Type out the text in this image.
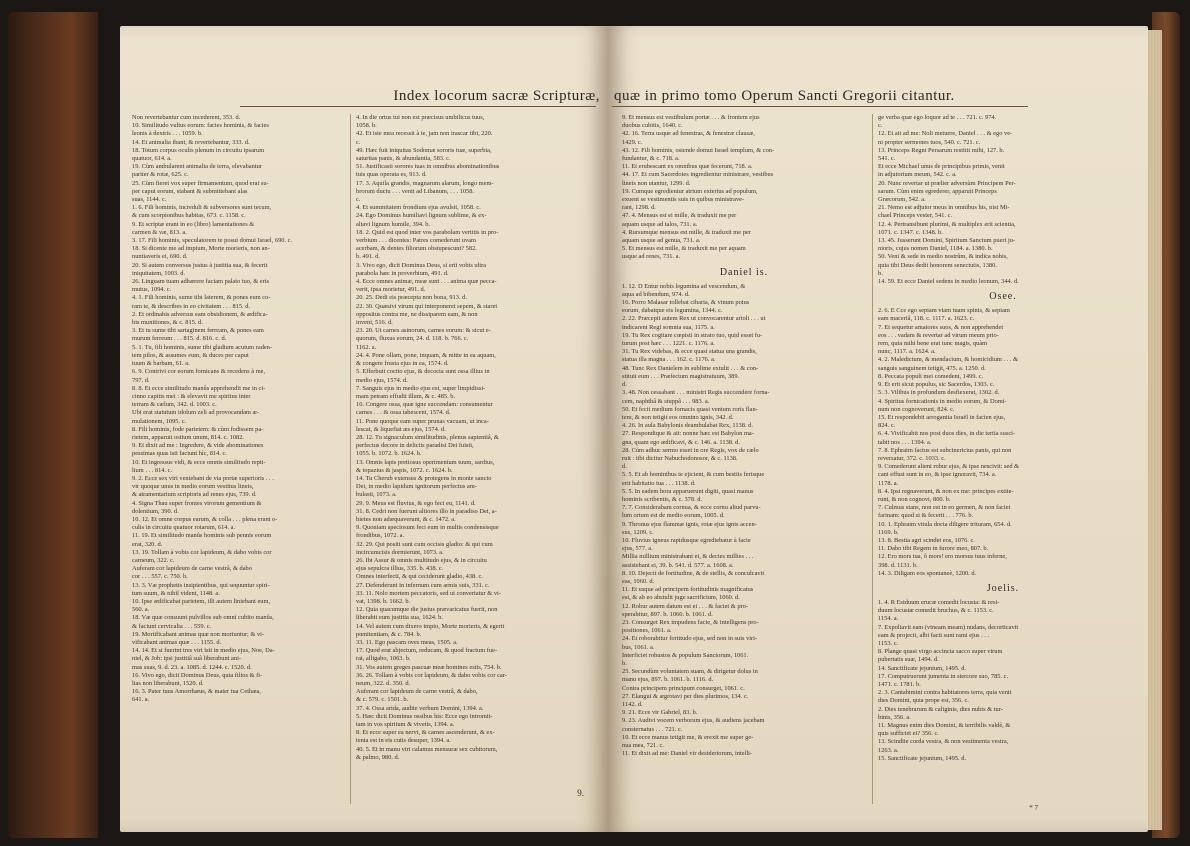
Index locorum sacræ Scripturæ,
Non revertebantur cum incederent, 353. d.
10. Similitudo vultus eorum: facies hominis, & facies
leonis à dextris . . . 1059. b.
14. Et animalia ibant, & revertebantur, 333. d.
18. Totum corpus oculis plenum in circuitu ipsarum
quatuor, 614. a.
19. Cùm ambularent animalia de terra, elevabantur
pariter & rotæ, 625. c.
25. Cùm fieret vox super firmamentum, quod erat su-
per caput eorum, stabant & submittebant alas
suas, 1144. c.
1. 6. Fili hominis, increduli & subversores sunt tecum,
& cum scorpionibus habitas, 673. c. 1158. c.
9. Et scriptæ erant in eo (libro) lamentationes &
carmen & væ, 813. a.
3. 17. Fili hominis, speculatorem te posui domui Israel, 690. c.
18. Si dicente me ad impium, Morte morieris, non an-
nuntiaveris ei, 690. d.
20. Si autem conversus justus à justitia sua, & fecerit
iniquitatem, 1003. d.
26. Linguam tuam adhærere faciam palato tuo, & eris
mutus, 1094. c.
4. 1. Fili hominis, sume tibi laterem, & pones eum co-
ram te, & describes in eo civitatem . . . 815. d.
2. Et ordinabis adversus eam obsidionem, & ædifica-
bis munitiones, & c. 815. d.
3. Et tu sume tibi sartaginem ferream, & pones eam
murum ferreum . . . 815. d. 816. c. d.
5. 1. Tu, fili hominis, sume tibi gladium acutum raden-
tem pilos, & assumes eum, & duces per caput
tuum & barbam, 61. a.
6. 9. Contrivi cor eorum fornicans & recedens à me,
797. d.
8. 8. Et ecce similitudo manûs apprehendit me in ci-
cinno capitis mei : & elevavit me spiritus inter
terram & cælum, 342. d. 1003. c.
Ubi erat statutum idolum zeli ad provocandam æ-
mulationem, 1095. c.
8. Fili hominis, fode parietem: & cùm fodissem pa-
rietem, apparuit ostium unum, 814. c. 1082.
9. Et dixit ad me : Ingredere, & vide abominationes
pessimas quas isti faciunt hìc, 814. c.
10. Et ingressus vidi, & ecce omnis similitudo repti-
lium . . . 814. c.
9. 2. Ecce sex viri veniebant de via portæ superioris . . .
vir quoque unus in medio eorum vestitus lineis,
& atramentarium scriptoris ad renes ejus, 739. d.
4. Signa Thau super frontes virorum gementium &
dolentium, 390. d.
10. 12. Et omne corpus earum, & colla . . . plena erant o-
culis in circuitu quatuor rotarum, 614. a.
11. 19. Et similitudo manûs hominis sub pennis eorum
erat, 320. d.
13. 19. Tollam à vobis cor lapideum, & dabo vobis cor
carneum, 322. c.
Auferam cor lapideum de carne vestrâ, & dabo
cor . . . 557. c. 750. b.
13. 3. Væ prophetis insipientibus, qui sequuntur spiri-
tum suum, & nihil vident, 1148. a.
10. Ipse ædificabat parietem, illi autem liniebant eum,
560. a.
18. Væ quæ consuunt pulvillos sub omni cubito manûs,
& faciunt cervicalia . . . 559. c.
19. Mortificabant animas quæ non moriuntur; & vi-
vificabant animas quæ . . . 1155. d.
14. 14. Et si fuerint tres viri isti in medio ejus, Noe, Da-
niel, & Job: ipsi justitiâ suâ liberabunt ani-
mas suas, 9. d. 23. a. 1085. d. 1244. c. 1520. d.
16. Vivo ego, dicit Dominus Deus, quia filios & fi-
lias non liberabunt, 1520. d.
16. 3. Pater tuus Amorrhæus, & mater tua Cethæa,
641. a.
4. In die ortus tui non est præcisus umbilicus tuus,
1058. b.
42. Et iste mea recessit à te, jam non irascar tibi, 220.
c.
49. Hæc fuit iniquitas Sodomæ sororis tuæ, superbia,
saturitas panis, & abundantia, 583. c.
51. Justificasti sorores tuas in omnibus abominationibus
tuis quas operata es, 913. d.
17. 3. Aquila grandis, magnarum alarum, longo mem-
brorum ductu . . . venit ad Libanum, . . . 1058.
c.
4. Et summitatem frondium ejus avulsit, 1058. c.
24. Ego Dominus humiliavi lignum sublime, & ex-
altavi lignum humile, 394. b.
18. 2. Quid est quod inter vos parabolam vertitis in pro-
verbium . . . dicentes: Patres comederunt uvam
acerbam, & dentes filiorum obstupescunt? 582.
b. 491. d.
3. Vivo ego, dicit Dominus Deus, si erit vobis ultra
parabola hæc in proverbium, 491. d.
4. Ecce omnes animæ, meæ sunt . . . anima quæ pecca-
verit, ipsa morietur, 491. d.
20. 25. Dedi eis præcepta non bona, 913. d.
22. 30. Quæsivi virum qui interponeret sepem, & staret
oppositus contra me, ne dissiparem eam, & non
inveni, 516. d.
23. 20. Ut carnes asinorum, carnes eorum: & sicut e-
quorum, fluxus eorum, 24. d. 118. b. 766. c.
1162. a.
24. 4. Pone ollam, pone, inquam, & mitte in ea aquam,
& congere frusta ejus in ea, 1574. d.
5. Efferbuit coctio ejus, & decocta sunt ossa illius in
medio ejus, 1574. d.
7. Sanguis ejus in medio ejus est, super limpidissi-
mam petram effudit illum, & c. 485. b.
10. Congere ossa, quæ igne succendam: consumentur
carnes . . . & ossa tabescent, 1574. d.
11. Pone quoque eam super prunas vacuam, ut inca-
lescat, & liquefiat æs ejus, 1574. d.
28. 12. Tu signaculum similitudinis, plenus sapientiâ, &
perfectus decore in deliciis paradisi Dei fuisti,
1055. b. 1072. b. 1624. b.
13. Omnis lapis pretiosus operimentum tuum, sardius,
& topazius & jaspis, 1072. c. 1624. b.
14. Tu Cherub extensus & protegens in monte sancto
Dei, in medio lapidum ignitorum perfectus am-
bulasti, 1073. a.
29. 9. Meus est fluvius, & ego feci eu, 1141. d.
31. 8. Cedri non fuerunt altiores illo in paradiso Dei, a-
bietes non adæquaverunt, & c. 1472. a.
9. Quoniam speciosum feci eum in multis condensisque
frondibus, 1072. a.
32. 29. Qui positi sunt cum occisis gladio: & qui cum
incircumcisis dormierunt, 1073. a.
26. Ibi Assur & omnis multitudo ejus, & in circuitu
ejus sepulcra illius, 335. b. 438. c.
Omnes interfecti, & qui ceciderunt gladio, 438. c.
27. Defenderunt in infernum cum armis suis, 331. c.
33. 11. Nolo mortem peccatoris, sed ut convertatur & vi-
vat, 1398. b. 1662. b.
12. Quia quacumque die justus prævaricatus fuerit, non
liberabit eum justitia sua, 1624. b.
14. Vel autem cum dixero impio, Morte morieris, & egerit
pœnitentiam, & c. 784. b.
33. 11. Ego pascam oves meas, 1505. a.
17. Quod erat abjectum, reducam, & quod fractum fue-
rat, alligabo, 1063. b.
31. Vos autem greges pascuæ meæ homines estis, 754. b.
36. 26. Tollam à vobis cor lapideum, & dabo vobis cor car-
neum, 322. d. 350. d.
Auferam cor lapideum de carne vestrâ, & dabo,
& c. 579. c. 1501. b.
37. 4. Ossa arida, audite verbum Domini, 1394. a.
5. Hæc dicit Dominus ossibus his: Ecce ego intromit-
tam in vos spiritum & vivetis, 1394. a.
8. Et ecce super ea nervi, & carnes ascenderunt, & ex-
tenta est in eis cutis desuper, 1394. a.
40. 5. Et in manu viri calamus mensuræ sex cubitorum,
& palmo, 980. d.
9.
quæ in primo tomo Operum Sancti Gregorii citantur.
9. Et mensus est vestibulum portæ . . . & frontem ejus
duobus cubitis, 1640. c.
42. 16. Terra usque ad fenestras, & fenestræ clausæ,
1429. c.
43. 12. Fili hominis, ostende domui Israel templum, & con-
fundantur, & c. 718. a.
11. Et erubescant ex omnibus quæ fecerunt, 718. a.
44. 17. Et cum Sacerdotes ingredientur ministrare, vestibus
lineis non utantur, 1299. d.
19. Cumque egredientur atrium exterius ad populum,
exuent se vestimentis suis in quibus ministrave-
rant, 1298. d.
47. 4. Mensus est ei mille, & traduxit me per
aquam usque ad talos, 731. a.
4. Rursumque mensus est mille, & traduxit me per
aquam usque ad genua, 731. a.
5. Et mensus est mille, & traduxit me per aquam
usque ad renes, 731. a.
Daniel is.
1. 12. D Entur nobis legumina ad vescendum, &
aqua ad bibendum, 974. d.
16. Porro Malasar tollebat cibaria, & vinum potus
eorum, dabatque eis legumina, 1344. c.
2. 22. Præcepit autem Rex ut convocarentur arioli . . . ut
indicarent Regi somnia sua, 1175. a.
19. Tu Rex cogitare cœpisti in strato tuo, quid esset fu-
turum post hæc . . . 1221. c. 1176. a.
31. Tu Rex videbas, & ecce quasi statua una grandis,
statua illa magna . . . 162. c. 1176. a.
48. Tunc Rex Danielem in sublime extulit . . . & con-
stituit eum . . . Præfectum magistratuum, 389.
d.
3. 48. Non cessabant . . . ministri Regis succendere forna-
cem, naphthâ & stuppâ . . . 983. a.
50. Et fecit medium fornacis quasi ventum roris flan-
tem, & non tetigit eos omnino ignis, 342. d.
4. 26. In aula Babylonis deambulabat Rex, 1138. d.
27. Respondique & ait: nonne hæc est Babylon ma-
gna, quam ego ædificavi, & c. 146. a. 1138. d.
28. Cùm adhuc sermo esset in ore Regis, vox de cælo
ruit : tibi dicitur Nabuchodonosor, & c. 1138.
d.
5. 5. Et ab hominibus te ejicient, & cum bestiis ferisque
erit habitatio tua . . . 1138. d.
5. 5. In eadem hora apparuerunt digiti, quasi manus
hominis scribentis, & c. 378. d.
7. 7. Considerabam cornua, & ecce cornu aliud parvu-
lum ortum est de medio eorum, 1005. d.
9. Thronus ejus flammæ ignis, rotæ ejus ignis accen-
sus, 1209. c.
10. Fluvius igneus rapidusque egrediebatur à facie
ejus, 577. a.
Millia millium ministrabant ei, & decies millies . . .
assistebant ei, 39. b. 541. d. 577. a. 1608. a.
8. 10. Dejecit de fortitudine, & de stellis, & conculcavit
eas, 1060. d.
11. Et usque ad principem fortitudinis magnificatus
est, & ab eo abstulit juge sacrificium, 1060. d.
12. Robur autem datum est ei . . . & faciet & pro-
sperabitur, 897. b. 1060. b. 1061. d.
23. Consurget Rex impudens facie, & intelligens pro-
positiones, 1061. a.
24. Et roborabitur fortitudo ejus, sed non in suis viri-
bus, 1061. a.
Interficiet robustos & populum Sanctorum, 1061.
b.
25. Secundùm voluntatem suam, & dirigetur dolus in
manu ejus, 897. b. 1061. b. 1116. d.
Contra principem principum consurget, 1061. c.
27. Elangui & ægrotavi per dies plurimos, 134. c.
1142. d.
9. 21. Ecce vir Gabriel, 83. b.
9. 23. Audivi vocem verborum ejus, & audiens jacebam
consternatus . . . 721. c.
10. Et ecce manus tetigit me, & erexit me super ge-
nua mea, 721. c.
11. Et dixit ad me: Daniel vir desideriorum, intelli-
ge verba quæ ego loquor ad te . . . 721. c. 974.
c.
12. Et ait ad me: Noli metuere, Daniel . . . & ego ve-
ni propter sermones tuos, 540. c. 721. c.
13. Princeps Regni Persarum restitit mihi, 127. b.
541. c.
Et ecce Michael unus de principibus primis, venit
in adjutorium meum, 542. c. a.
20. Nunc revertar ut prælier adversùm Principem Per-
sarum. Cùm enim egrederer, apparuit Princeps
Græcorum, 542. a.
21. Nemo est adjutor meus in omnibus his, nisi Mi-
chael Princeps vester, 541. c.
12. 4. Pertransibunt plurimi, & multiplex erit scientia,
1071. c. 1347. c. 1348. b.
13. 45. Jusserunt Domini, Spiritum Sanctum pueri ju-
nioris, cujus nomen Daniel, 1184. a. 1380. b.
50. Veni & sede in medio nostrûm, & indica nobis,
quia tibi Deus dedit honorem senectutis, 1380.
b.
14. 59. Et ecce Daniel sedens in medio leonum, 344. d.
Osee.
2. 6. E Cce ego sepiam viam tuam spinis, & sepiam
eam maceriâ, 118. c. 1117. a. 1623. c.
7. Et sequetur amatores suos, & non apprehendet
eos . . . vadam & revertar ad virum meum prio-
rem, quia mihi bene erat tunc magis, quàm
nunc, 1117. a. 1624. a.
4. 2. Maledictum, & mendacium, & homicidium . . . &
sanguis sanguinem tetigit, 475. a. 1250. d.
8. Peccata populi mei comedent, 1499. c.
9. Et erit sicut populus, sic Sacerdos, 1303. c.
5. 3. Vilibus in profundum desfiexerat, 1302. d.
4. Spiritus fornicationis in medio eorum, & Domi-
num non cognoverunt, 824. c.
15. Et respondebit arrogantia Israël in facien ejus,
824. c.
6. 4. Vivificabit nos post duos dies, in die tertia susci-
tabit nos . . . 1394. a.
7. 8. Ephraim factus est subcinericius panis, qui non
reversatur, 372. c. 1033. c.
9. Comederunt alieni robur ejus, & ipse nescivit: sed &
cani effusi sunt in eo, & ipse ignoravit, 734. a.
1178. a.
8. 4. Ipsi regnaverunt, & non ex me: principes extite-
runt, & non cognovi, 800. b.
7. Culmus stans, non est in eo germen, & non faciet
farinam: quod si & fecerit . . . 776. b.
10. 1. Ephraim vitula docta diligere trituram, 654. d.
1169. b.
13. 8. Bestia agri scindet eos, 1076. c.
11. Dabo tibi Regem in furore meo, 807. b.
12. Ero mors tua, ô mors! ero morsus tuus inferne,
398. d. 1131. b.
14. 3. Diligam eos spontaneè, 1200. d.
Joelis.
1. 4. R Esiduum erucæ comedit locusta: & resi-
duum locustæ comedit bruchus, & c. 1153. c.
1154. a.
7. Expoliavit eam (vineam meam) nudans, decorticavit
eam & projecit, albi facti sunt rami ejus . . .
1153. c.
8. Plange quasi virgo accincta sacco super virum
pubertatis suæ, 1494. d.
14. Sanctificate jejunium, 1495. d.
17. Computruerunt jumenta in stercore suo, 785. c.
1471. c. 1781. b.
2. 3. Cantabimini contra habitatores terra, quia venit
dies Domini, quia prope est, 356. c.
2. Dies tenebrarum & caliginis, dies nubis & tur-
binis, 356. a.
11. Magnus enim dies Domini, & terribilis valdè, &
quis sufficiet ei? 356. c.
13. Scindite corda vestra, & non vestimenta vestra,
1263. a.
15. Sanctificate jejunium, 1495. d.
* 7
